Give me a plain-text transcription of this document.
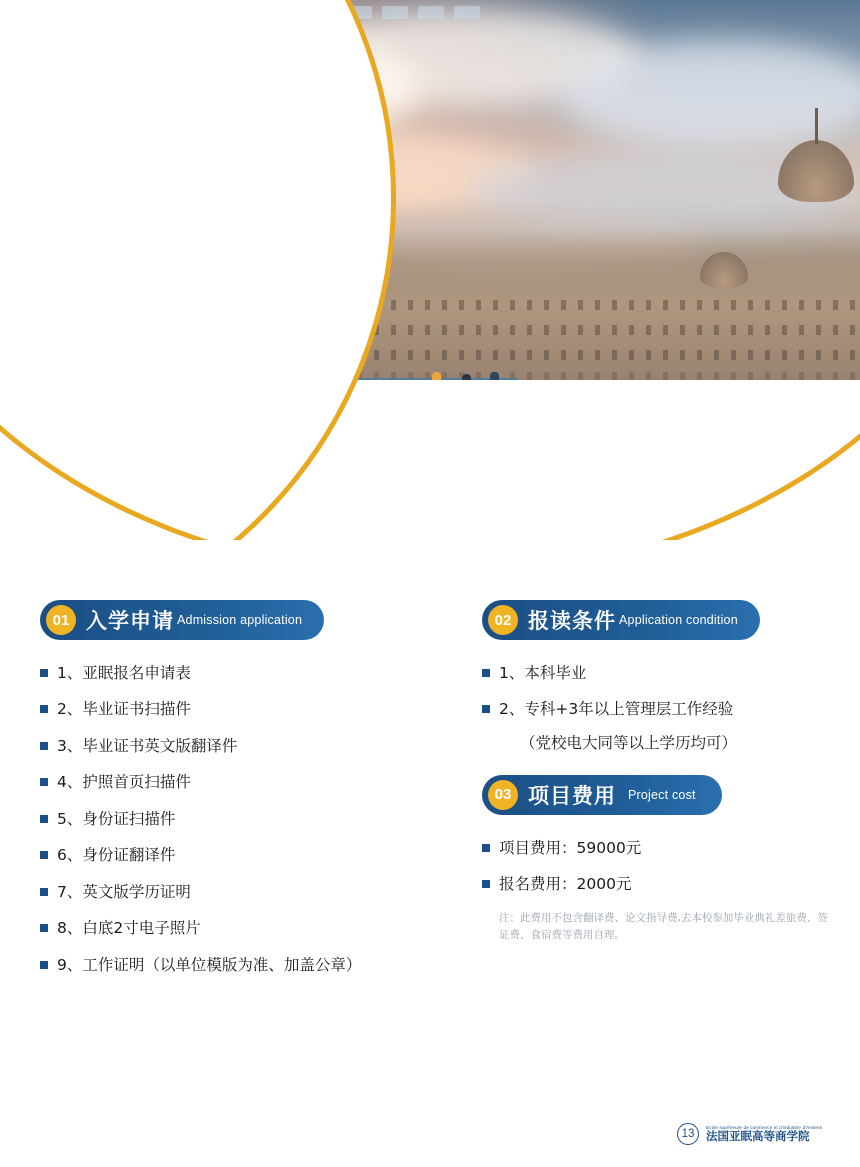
01 入学申请 Admission application
1、亚眠报名申请表
2、毕业证书扫描件
3、毕业证书英文版翻译件
4、护照首页扫描件
5、身份证扫描件
6、身份证翻译件
7、英文版学历证明
8、白底2寸电子照片
9、工作证明（以单位模版为准、加盖公章）
02 报读条件 Application condition
1、本科毕业
2、专科+3年以上管理层工作经验
（党校电大同等以上学历均可）
03 项目费用 Project cost
项目费用：59000元
报名费用：2000元
注：此费用不包含翻译费、论文指导费,去本校参加毕业典礼差旅费、签证费、食宿费等费用自理。
13
Ecole supérieure de commerce et d'industrie d'Amiens
法国亚眠高等商学院
